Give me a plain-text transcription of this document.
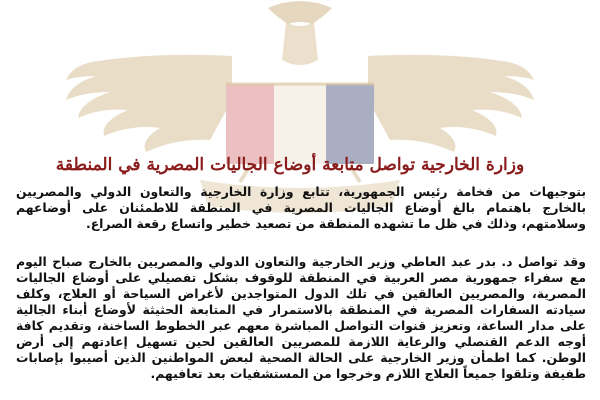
وزارة الخارجية تواصل متابعة أوضاع الجاليات المصرية في المنطقة

بتوجيهات من فخامة رئيس الجمهورية، تتابع وزارة الخارجية والتعاون الدولي والمصريين بالخارج باهتمام بالغ أوضاع الجاليات المصرية في المنطقة للاطمئنان على أوضاعهم وسلامتهم، وذلك في ظل ما تشهده المنطقة من تصعيد خطير واتساع رقعة الصراع.

وقد تواصل د. بدر عبد العاطي وزير الخارجية والتعاون الدولي والمصريين بالخارج صباح اليوم مع سفراء جمهورية مصر العربية في المنطقة للوقوف بشكل تفصيلي على أوضاع الجاليات المصرية، والمصريين العالقين في تلك الدول المتواجدين لأغراض السياحة أو العلاج، وكلف سيادته السفارات المصرية في المنطقة بالاستمرار في المتابعة الحثيثة لأوضاع أبناء الجالية على مدار الساعة، وتعزيز قنوات التواصل المباشرة معهم عبر الخطوط الساخنة، وتقديم كافة أوجه الدعم القنصلي والرعاية اللازمة للمصريين العالقين لحين تسهيل إعادتهم إلى أرض الوطن. كما اطمأن وزير الخارجية على الحالة الصحية لبعض المواطنين الذين أصيبوا بإصابات طفيفة وتلقوا جميعاً العلاج اللازم وخرجوا من المستشفيات بعد تعافيهم.
